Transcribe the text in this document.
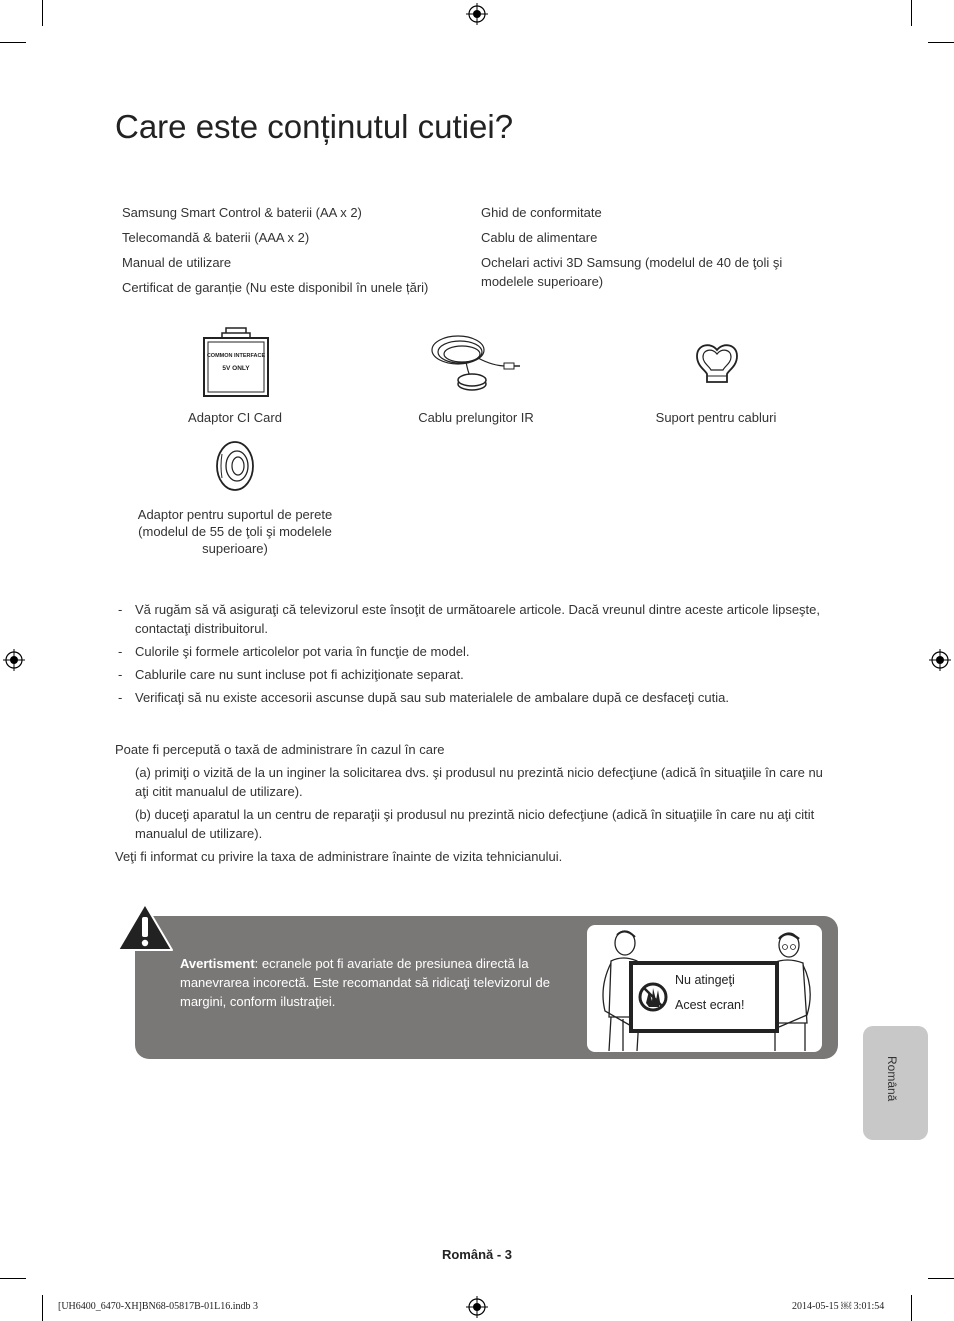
Care este conținutul cutiei?
Samsung Smart Control & baterii (AA x 2)
Telecomandă & baterii (AAA x 2)
Manual de utilizare
Certificat de garanție (Nu este disponibil în unele țări)
Ghid de conformitate
Cablu de alimentare
Ochelari activi 3D Samsung (modelul de 40 de ţoli şi modelele superioare)
COMMON INTERFACE
5V ONLY
Adaptor CI Card	Cablu prelungitor IR	Suport pentru cabluri
Adaptor pentru suportul de perete (modelul de 55 de ţoli şi modelele superioare)
- Vă rugăm să vă asiguraţi că televizorul este însoţit de următoarele articole. Dacă vreunul dintre aceste articole lipseşte, contactaţi distribuitorul.
- Culorile şi formele articolelor pot varia în funcţie de model.
- Cablurile care nu sunt incluse pot fi achiziţionate separat.
- Verificaţi să nu existe accesorii ascunse după sau sub materialele de ambalare după ce desfaceţi cutia.
Poate fi percepută o taxă de administrare în cazul în care
(a) primiţi o vizită de la un inginer la solicitarea dvs. şi produsul nu prezintă nicio defecţiune (adică în situaţiile în care nu aţi citit manualul de utilizare).
(b) duceţi aparatul la un centru de reparaţii şi produsul nu prezintă nicio defecţiune (adică în situaţiile în care nu aţi citit manualul de utilizare).
Veţi fi informat cu privire la taxa de administrare înainte de vizita tehnicianului.
Avertisment: ecranele pot fi avariate de presiunea directă la manevrarea incorectă. Este recomandat să ridicaţi televizorul de margini, conform ilustraţiei.
Nu atingeţi
Acest ecran!
Română
Română - 3
[UH6400_6470-XH]BN68-05817B-01L16.indb 3	2014-05-15 ￼ 3:01:54
